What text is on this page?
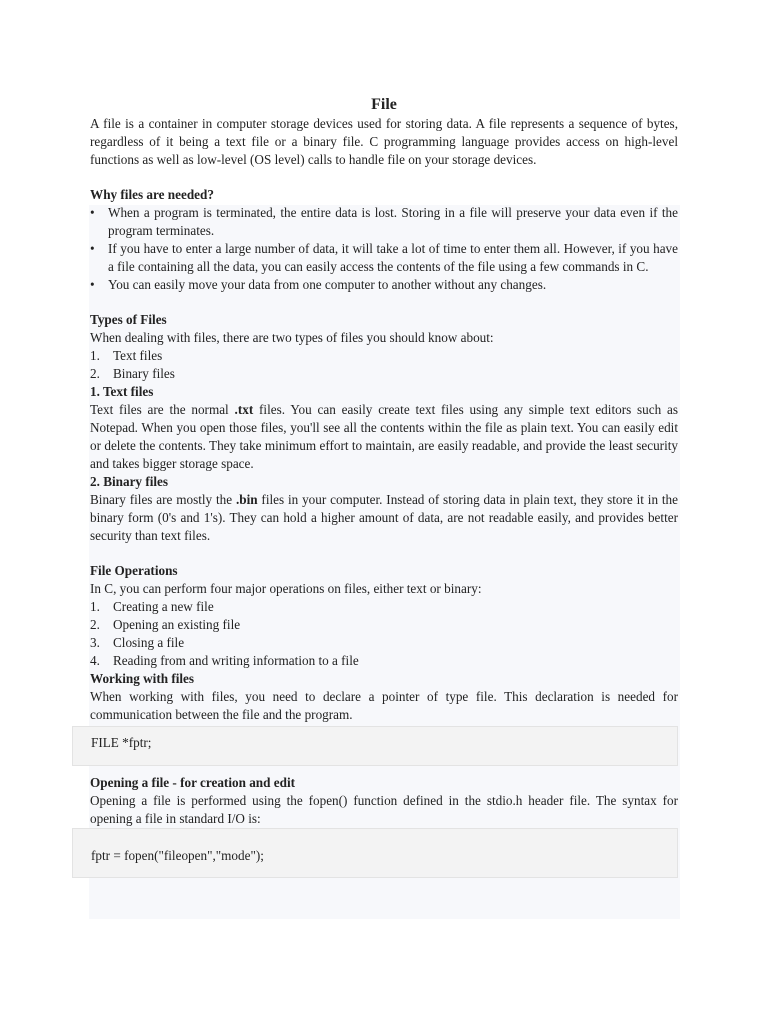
File

A file is a container in computer storage devices used for storing data. A file represents a sequence of bytes, regardless of it being a text file or a binary file. C programming language provides access on high-level functions as well as low-level (OS level) calls to handle file on your storage devices.

Why files are needed?
• When a program is terminated, the entire data is lost. Storing in a file will preserve your data even if the program terminates.
• If you have to enter a large number of data, it will take a lot of time to enter them all. However, if you have a file containing all the data, you can easily access the contents of the file using a few commands in C.
• You can easily move your data from one computer to another without any changes.
Types of Files

When dealing with files, there are two types of files you should know about:

1. Text files
2. Binary files
1. Text files

Text files are the normal .txt files. You can easily create text files using any simple text editors such as Notepad. When you open those files, you'll see all the contents within the file as plain text. You can easily edit or delete the contents. They take minimum effort to maintain, are easily readable, and provide the least security and takes bigger storage space.

2. Binary files

Binary files are mostly the .bin files in your computer. Instead of storing data in plain text, they store it in the binary form (0's and 1's). They can hold a higher amount of data, are not readable easily, and provides better security than text files.

File Operations

In C, you can perform four major operations on files, either text or binary:

1. Creating a new file
2. Opening an existing file
3. Closing a file
4. Reading from and writing information to a file
Working with files

When working with files, you need to declare a pointer of type file. This declaration is needed for communication between the file and the program.

FILE *fptr;
Opening a file - for creation and edit

Opening a file is performed using the fopen() function defined in the stdio.h header file. The syntax for opening a file in standard I/O is:

fptr = fopen("fileopen","mode");
